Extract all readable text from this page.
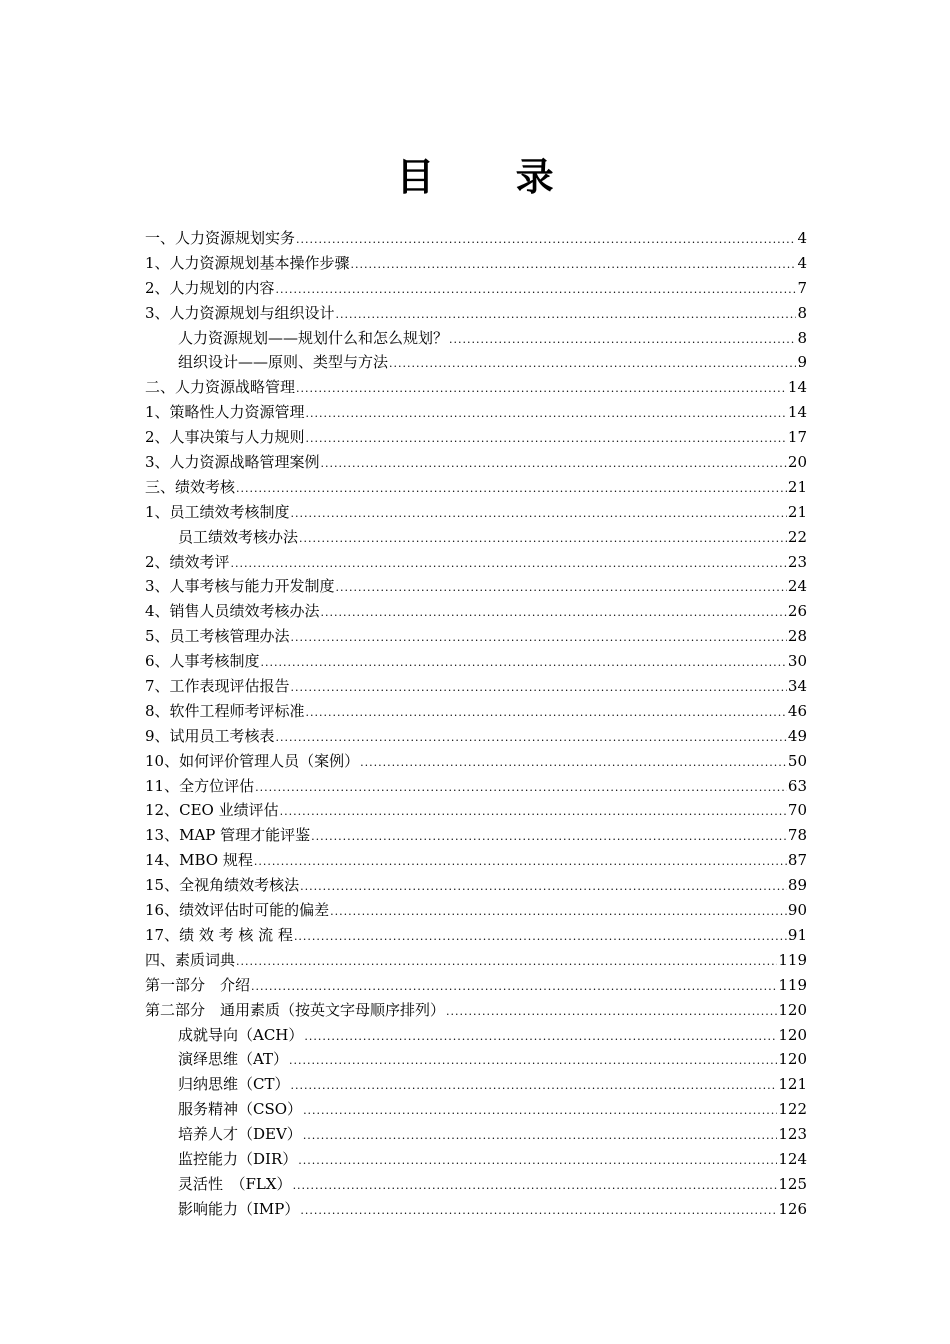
目 录
一、人力资源规划实务 .....	4
1、人力资源规划基本操作步骤 .....	4
2、人力规划的内容 .....	7
3、人力资源规划与组织设计 .....	8
人力资源规划——规划什么和怎么规划？ .....	8
组织设计——原则、类型与方法 .....	9
二、人力资源战略管理 .....	14
1、策略性人力资源管理 .....	14
2、人事决策与人力规则 .....	17
3、人力资源战略管理案例 .....	20
三、绩效考核 .....	21
1、员工绩效考核制度 .....	21
员工绩效考核办法 .....	22
2、绩效考评 .....	23
3、人事考核与能力开发制度 .....	24
4、销售人员绩效考核办法 .....	26
5、员工考核管理办法 .....	28
6、人事考核制度 .....	30
7、工作表现评估报告 .....	34
8、软件工程师考评标准 .....	46
9、试用员工考核表 .....	49
10、如何评价管理人员（案例） .....	50
11、全方位评估 .....	63
12、CEO 业绩评估 .....	70
13、MAP 管理才能评鉴 .....	78
14、MBO 规程 .....	87
15、全视角绩效考核法 .....	89
16、绩效评估时可能的偏差 .....	90
17、绩 效 考 核 流 程 .....	91
四、素质词典 .....	119
第一部分　介绍 .....	119
第二部分　通用素质（按英文字母顺序排列） .....	120
成就导向（ACH） .....	120
演绎思维（AT） .....	120
归纳思维（CT） .....	121
服务精神（CSO） .....	122
培养人才（DEV） .....	123
监控能力（DIR） .....	124
灵活性　（FLX） .....	125
影响能力（IMP） .....	126
